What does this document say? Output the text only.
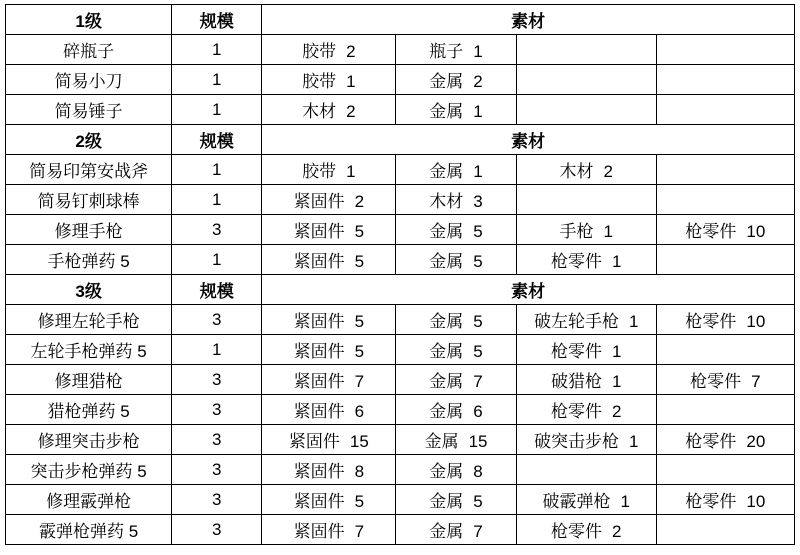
1级	规模	素材			
碎瓶子	1	胶带 2	瓶子 1		
简易小刀	1	胶带 1	金属 2		
简易锤子	1	木材 2	金属 1		
2级	规模	素材			
简易印第安战斧	1	胶带 1	金属 1	木材 2	
简易钉刺球棒	1	紧固件 2	木材 3		
修理手枪	3	紧固件 5	金属 5	手枪 1	枪零件 10
手枪弹药 5	1	紧固件 5	金属 5	枪零件 1	
3级	规模	素材			
修理左轮手枪	3	紧固件 5	金属 5	破左轮手枪 1	枪零件 10
左轮手枪弹药 5	1	紧固件 5	金属 5	枪零件 1	
修理猎枪	3	紧固件 7	金属 7	破猎枪 1	枪零件 7
猎枪弹药 5	3	紧固件 6	金属 6	枪零件 2	
修理突击步枪	3	紧固件 15	金属 15	破突击步枪 1	枪零件 20
突击步枪弹药 5	3	紧固件 8	金属 8		
修理霰弹枪	3	紧固件 5	金属 5	破霰弹枪 1	枪零件 10
霰弹枪弹药 5	3	紧固件 7	金属 7	枪零件 2	
